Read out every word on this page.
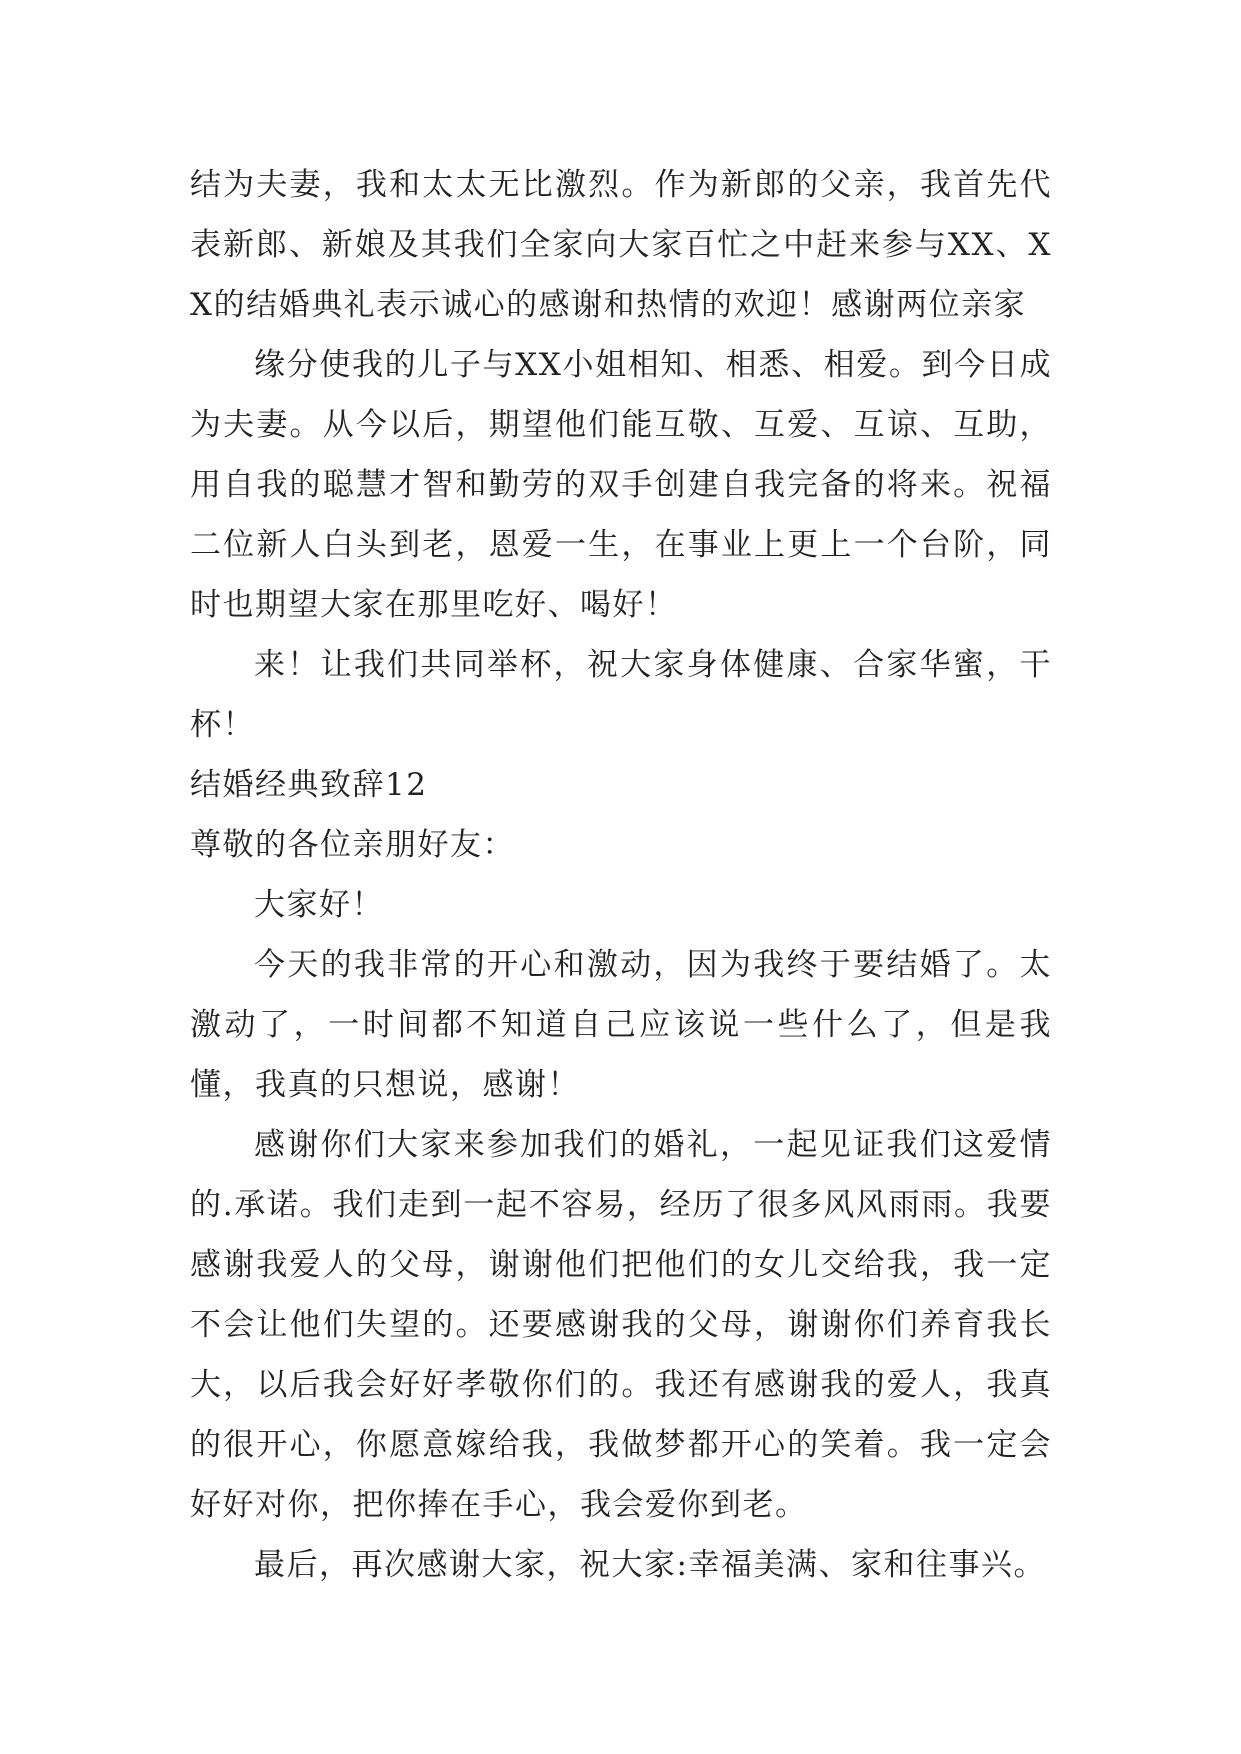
结为夫妻，我和太太无比激烈。作为新郎的父亲，我首先代表新郎、新娘及其我们全家向大家百忙之中赶来参与XX、XX的结婚典礼表示诚心的感谢和热情的欢迎！感谢两位亲家

缘分使我的儿子与XX小姐相知、相悉、相爱。到今日成为夫妻。从今以后，期望他们能互敬、互爱、互谅、互助，用自我的聪慧才智和勤劳的双手创建自我完备的将来。祝福二位新人白头到老，恩爱一生，在事业上更上一个台阶，同时也期望大家在那里吃好、喝好！

来！让我们共同举杯，祝大家身体健康、合家华蜜，干杯！

结婚经典致辞12

尊敬的各位亲朋好友：

大家好！

今天的我非常的开心和激动，因为我终于要结婚了。太激动了，一时间都不知道自己应该说一些什么了，但是我懂，我真的只想说，感谢！

感谢你们大家来参加我们的婚礼，一起见证我们这爱情的.承诺。我们走到一起不容易，经历了很多风风雨雨。我要感谢我爱人的父母，谢谢他们把他们的女儿交给我，我一定不会让他们失望的。还要感谢我的父母，谢谢你们养育我长大，以后我会好好孝敬你们的。我还有感谢我的爱人，我真的很开心，你愿意嫁给我，我做梦都开心的笑着。我一定会好好对你，把你捧在手心，我会爱你到老。

最后，再次感谢大家，祝大家:幸福美满、家和往事兴。
